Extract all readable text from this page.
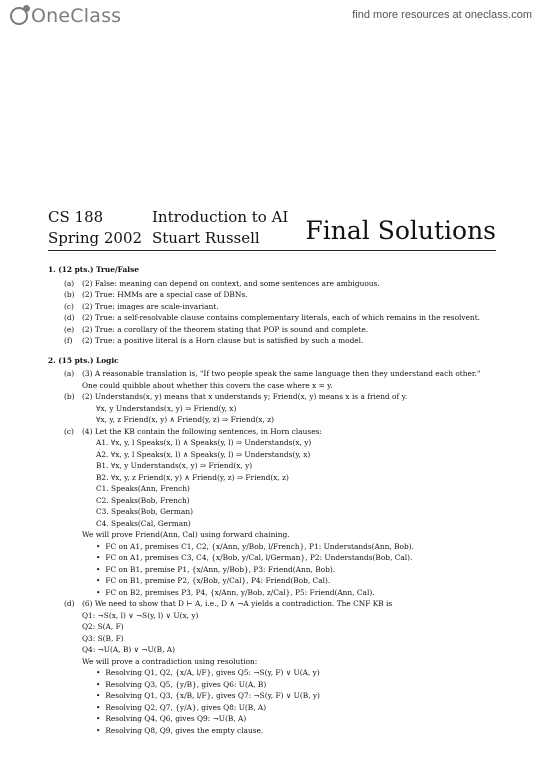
OneClass	find more resources at oneclass.com
CS 188
Spring 2002
Introduction to AI
Stuart Russell Final Solutions
1. (12 pts.) True/False
(a)	(2) False: meaning can depend on context, and some sentences are ambiguous.
(b)	(2) True: HMMs are a special case of DBNs.
(c)	(2) True: images are scale-invariant.
(d)	(2) True: a self-resolvable clause contains complementary literals, each of which remains in the resolvent.
(e)	(2) True: a corollary of the theorem stating that POP is sound and complete.
(f)	(2) True: a positive literal is a Horn clause but is satisfied by such a model.
2. (15 pts.) Logic
(a)	(3) A reasonable translation is, "If two people speak the same language then they understand each other."
One could quibble about whether this covers the case where x = y.
(b)	(2) Understands(x, y) means that x understands y; Friend(x, y) means x is a friend of y.
∀x, y Understands(x, y) ⇒ Friend(y, x)
∀x, y, z Friend(x, y) ∧ Friend(y, z) ⇒ Friend(x, z)
(c)	(4) Let the KB contain the following sentences, in Horn clauses:
A1. ∀x, y, l Speaks(x, l) ∧ Speaks(y, l) ⇒ Understands(x, y)
A2. ∀x, y, l Speaks(x, l) ∧ Speaks(y, l) ⇒ Understands(y, x)
B1. ∀x, y Understands(x, y) ⇒ Friend(x, y)
B2. ∀x, y, z Friend(x, y) ∧ Friend(y, z) ⇒ Friend(x, z)
C1. Speaks(Ann, French)
C2. Speaks(Bob, French)
C3. Speaks(Bob, German)
C4. Speaks(Cal, German)
We will prove Friend(Ann, Cal) using forward chaining.
• FC on A1, premises C1, C2, {x/Ann, y/Bob, l/French}, P1: Understands(Ann, Bob).
• FC on A1, premises C3, C4, {x/Bob, y/Cal, l/German}, P2: Understands(Bob, Cal).
• FC on B1, premise P1, {x/Ann, y/Bob}, P3: Friend(Ann, Bob).
• FC on B1, premise P2, {x/Bob, y/Cal}, P4: Friend(Bob, Cal).
• FC on B2, premises P3, P4, {x/Ann, y/Bob, z/Cal}, P5: Friend(Ann, Cal).
(d)	(6) We need to show that D ⊢ A, i.e., D ∧ ¬A yields a contradiction. The CNF KB is
Q1: ¬S(x, l) ∨ ¬S(y, l) ∨ U(x, y)
Q2: S(A, F)
Q3: S(B, F)
Q4: ¬U(A, B) ∨ ¬U(B, A)
We will prove a contradiction using resolution:
• Resolving Q1, Q2, {x/A, l/F}, gives Q5: ¬S(y, F) ∨ U(A, y)
• Resolving Q3, Q5, {y/B}, gives Q6: U(A, B)
• Resolving Q1, Q3, {x/B, l/F}, gives Q7: ¬S(y, F) ∨ U(B, y)
• Resolving Q2, Q7, {y/A}, gives Q8: U(B, A)
• Resolving Q4, Q6, gives Q9: ¬U(B, A)
• Resolving Q8, Q9, gives the empty clause.
